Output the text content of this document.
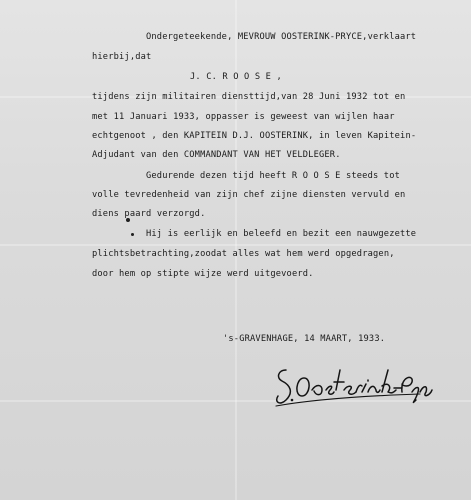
Ondergeteekende, MEVROUW OOSTERINK-PRYCE,verklaart
hierbij,dat
J. C. R O O S E ,
tijdens zijn militairen diensttijd,van 28 Juni 1932 tot en
met 11 Januari 1933, oppasser is geweest van wijlen haar
echtgenoot , den KAPITEIN D.J. OOSTERINK, in leven Kapitein-
Adjudant van den COMMANDANT VAN HET VELDLEGER.
Gedurende dezen tijd heeft R O O S E steeds tot
volle tevredenheid van zijn chef zijne diensten vervuld en
diens paard verzorgd.
Hij is eerlijk en beleefd en bezit een nauwgezette
plichtsbetrachting,zoodat alles wat hem werd opgedragen,
door hem op stipte wijze werd uitgevoerd.
's-GRAVENHAGE, 14 MAART, 1933.
